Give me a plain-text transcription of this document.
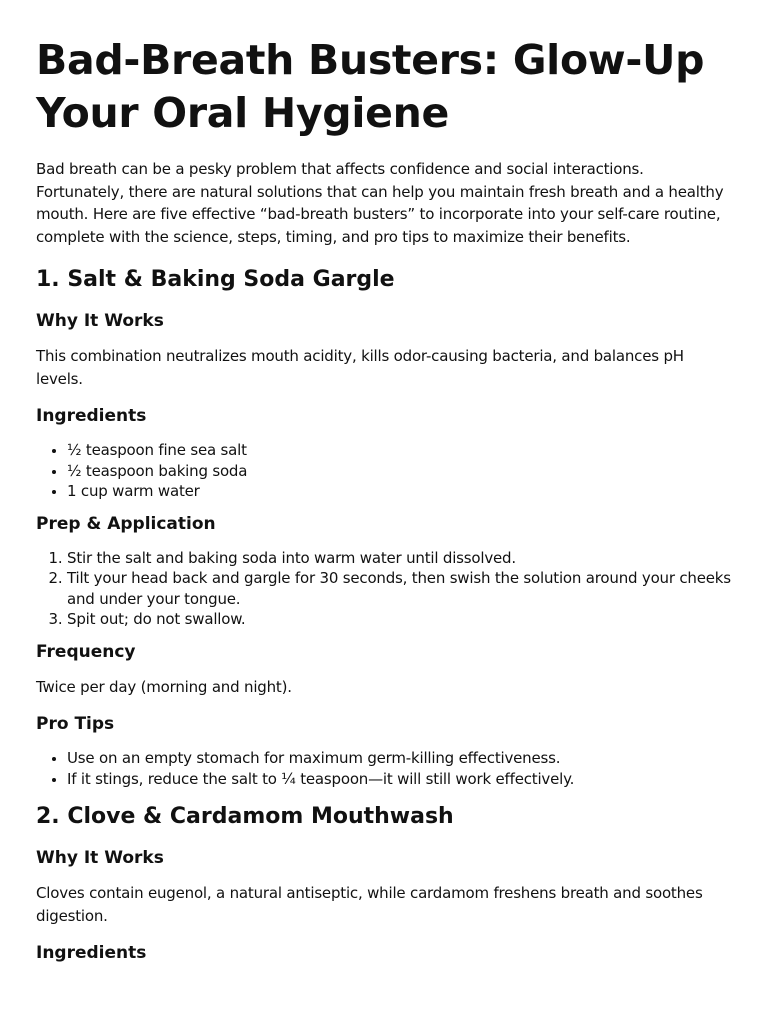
Bad-Breath Busters: Glow-Up Your Oral Hygiene

Bad breath can be a pesky problem that affects confidence and social interactions. Fortunately, there are natural solutions that can help you maintain fresh breath and a healthy mouth. Here are five effective “bad-breath busters” to incorporate into your self-care routine, complete with the science, steps, timing, and pro tips to maximize their benefits.

1. Salt & Baking Soda Gargle
Why It Works

This combination neutralizes mouth acidity, kills odor-causing bacteria, and balances pH levels.

Ingredients
• ½ teaspoon fine sea salt
• ½ teaspoon baking soda
• 1 cup warm water
Prep & Application
1. Stir the salt and baking soda into warm water until dissolved.
2. Tilt your head back and gargle for 30 seconds, then swish the solution around your cheeks and under your tongue.
3. Spit out; do not swallow.
Frequency

Twice per day (morning and night).

Pro Tips
• Use on an empty stomach for maximum germ-killing effectiveness.
• If it stings, reduce the salt to ¼ teaspoon—it will still work effectively.
2. Clove & Cardamom Mouthwash
Why It Works

Cloves contain eugenol, a natural antiseptic, while cardamom freshens breath and soothes digestion.

Ingredients
